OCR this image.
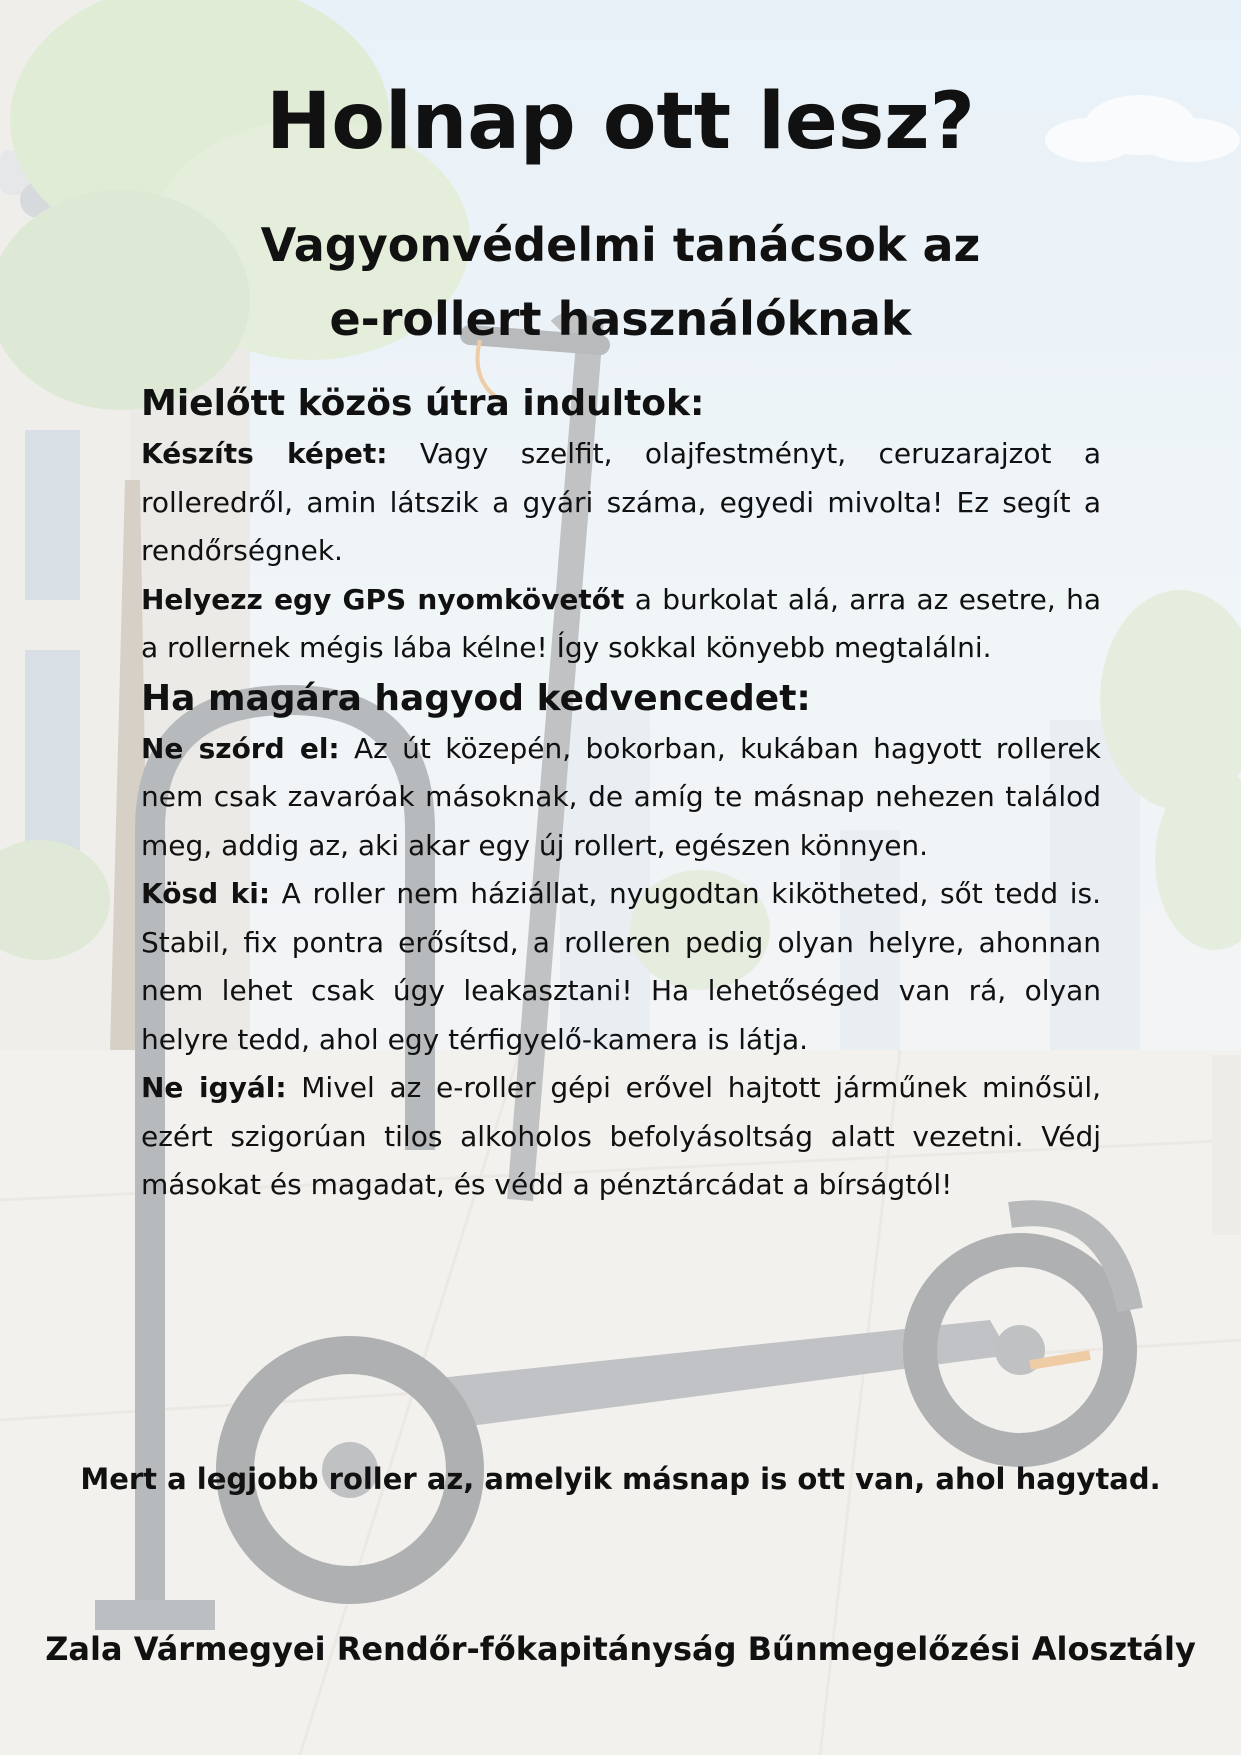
Holnap ott lesz?
Vagyonvédelmi tanácsok az
e-rollert használóknak
Mielőtt közös útra indultok:

Készíts képet: Vagy szelfit, olajfestményt, ceruzarajzot a rolleredről, amin látszik a gyári száma, egyedi mivolta! Ez segít a rendőrségnek.

Helyezz egy GPS nyomkövetőt a burkolat alá, arra az esetre, ha a rollernek mégis lába kélne! Így sokkal könyebb megtalálni.

Ha magára hagyod kedvencedet:

Ne szórd el: Az út közepén, bokorban, kukában hagyott rollerek nem csak zavaróak másoknak, de amíg te másnap nehezen találod meg, addig az, aki akar egy új rollert, egészen könnyen.

Kösd ki: A roller nem háziállat, nyugodtan kikötheted, sőt tedd is. Stabil, fix pontra erősítsd, a rolleren pedig olyan helyre, ahonnan nem lehet csak úgy leakasztani! Ha lehetőséged van rá, olyan helyre tedd, ahol egy térfigyelő-kamera is látja.

Ne igyál: Mivel az e-roller gépi erővel hajtott járműnek minősül, ezért szigorúan tilos alkoholos befolyásoltság alatt vezetni. Védj másokat és magadat, és védd a pénztárcádat a bírságtól!

Mert a legjobb roller az, amelyik másnap is ott van, ahol hagytad.

Zala Vármegyei Rendőr-főkapitányság Bűnmegelőzési Alosztály
